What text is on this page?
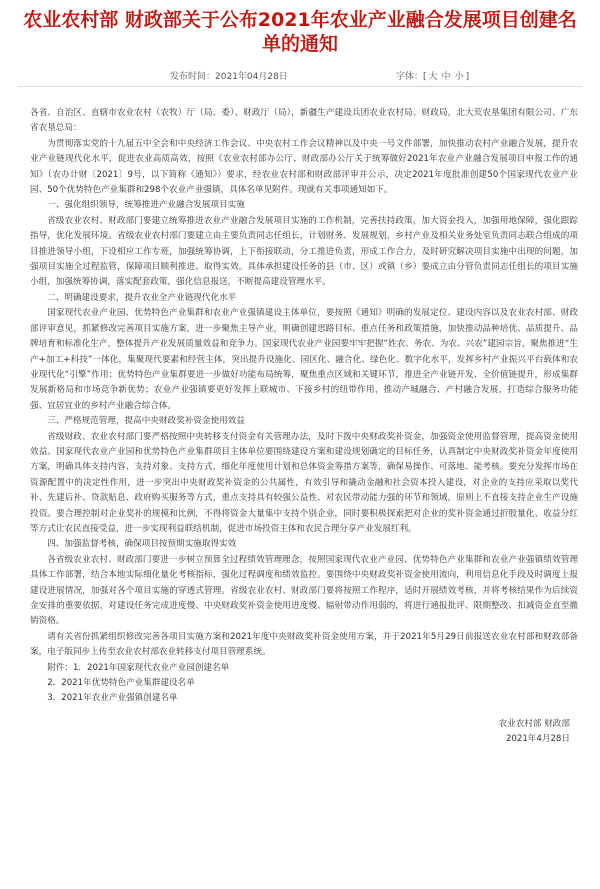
农业农村部 财政部关于公布2021年农业产业融合发展项目创建名
单的通知
发布时间：2021年04月28日	字体：[ 大 中 小 ]

各省、自治区、直辖市农业农村（农牧）厅（局、委）、财政厅（局），新疆生产建设兵团农业农村局、财政局，北大荒农垦集团有限公司、广东省农垦总局：

为贯彻落实党的十九届五中全会和中央经济工作会议、中央农村工作会议精神以及中央一号文件部署，加快推动农村产业融合发展，提升农业产业链现代化水平，促进农业高质高效，按照《农业农村部办公厅、财政部办公厅关于统筹做好2021年农业产业融合发展项目申报工作的通知》（农办计财〔2021〕9号，以下简称《通知》）要求，经农业农村部和财政部评审并公示，决定2021年度批准创建50个国家现代农业产业园、50个优势特色产业集群和298个农业产业强镇，具体名单见附件。现就有关事项通知如下。

一、强化组织领导，统筹推进产业融合发展项目实施

省级农业农村、财政部门要建立统筹推进农业产业融合发展项目实施的工作机制，完善扶持政策，加大资金投入，加强用地保障，强化跟踪指导，优化发展环境。省级农业农村部门要建立由主要负责同志任组长，计划财务、发展规划、乡村产业及相关业务处室负责同志联合组成的项目推进领导小组，下设相应工作专班，加强统筹协调，上下衔接联动，分工推进负责，形成工作合力，及时研究解决项目实施中出现的问题，加强项目实施全过程监管，保障项目顺利推进、取得实效。具体承担建设任务的县（市、区）或镇（乡）要成立由分管负责同志任组长的项目实施小组，加强统筹协调，落实配套政策，强化信息报送，不断提高建设管理水平。

二、明确建设要求，提升农业全产业链现代化水平

国家现代农业产业园、优势特色产业集群和农业产业强镇建设主体单位，要按照《通知》明确的发展定位、建设内容以及农业农村部、财政部评审意见，抓紧修改完善项目实施方案，进一步聚焦主导产业，明确创建思路目标、重点任务和政策措施，加快推动品种培优、品质提升、品牌培育和标准化生产，整体提升产业发展质量效益和竞争力。国家现代农业产业园要牢牢把握“姓农、务农、为农、兴农”建园宗旨，聚焦推进“生产+加工+科技”一体化，集聚现代要素和经营主体，突出提升设施化、园区化、融合化、绿色化、数字化水平，发挥乡村产业振兴平台载体和农业现代化“引擎”作用；优势特色产业集群要进一步做好功能布局统筹，聚焦重点区域和关键环节，推进全产业链开发、全价值链提升，形成集群发展新格局和市场竞争新优势；农业产业强镇要更好发挥上联城市、下接乡村的纽带作用，推动产城融合、产村融合发展，打造综合服务功能强、宜居宜业的乡村产业融合综合体。

三、严格规范管理，提高中央财政奖补资金使用效益

省级财政、农业农村部门要严格按照中央转移支付资金有关管理办法，及时下拨中央财政奖补资金，加强资金使用监督管理，提高资金使用效益。国家现代农业产业园和优势特色产业集群项目主体单位要围绕建设方案和建设规划确定的目标任务，认真制定中央财政奖补资金年度使用方案，明确具体支持内容、支持对象、支持方式，细化年度使用计划和总体资金筹措方案等，确保易操作、可落地、能考核。要充分发挥市场在资源配置中的决定性作用，进一步突出中央财政奖补资金的公共属性，有效引导和撬动金融和社会资本投入建设，对企业的支持应采取以奖代补、先建后补、贷款贴息、政府购买服务等方式，重点支持具有较强公益性、对农民带动能力强的环节和领域，原则上不直接支持企业生产设施投资。要合理控制对企业奖补的规模和比例，不得将资金大量集中支持个别企业，同时要积极探索把对企业的奖补资金通过折股量化、收益分红等方式让农民直接受益，进一步实现利益联结机制，促进市场投资主体和农民合理分享产业发展红利。

四、加强监督考核，确保项目按预期实施取得实效

各省级农业农村、财政部门要进一步树立预算全过程绩效管理理念，按照国家现代农业产业园、优势特色产业集群和农业产业强镇绩效管理具体工作部署，结合本地实际细化量化考核指标，强化过程调度和绩效监控。要围绕中央财政奖补资金使用流向，利用信息化手段及时调度上报建设进展情况，加强对各个项目实施的穿透式管理。省级农业农村、财政部门要将按照工作程序，适时开展绩效考核，并将考核结果作为后续资金安排的重要依据，对建设任务完成进度慢、中央财政奖补资金使用进度慢、辐射带动作用弱的，将进行通报批评、限期整改、扣减资金直至撤销资格。

请有关省份抓紧组织修改完善各项目实施方案和2021年度中央财政奖补资金使用方案，并于2021年5月29日前报送农业农村部和财政部备案，电子版同步上传至农业农村部农业转移支付项目管理系统。

附件：1．2021年国家现代农业产业园创建名单

2．2021年优势特色产业集群建设名单

3．2021年农业产业强镇创建名单

农业农村部 财政部

2021年4月28日
